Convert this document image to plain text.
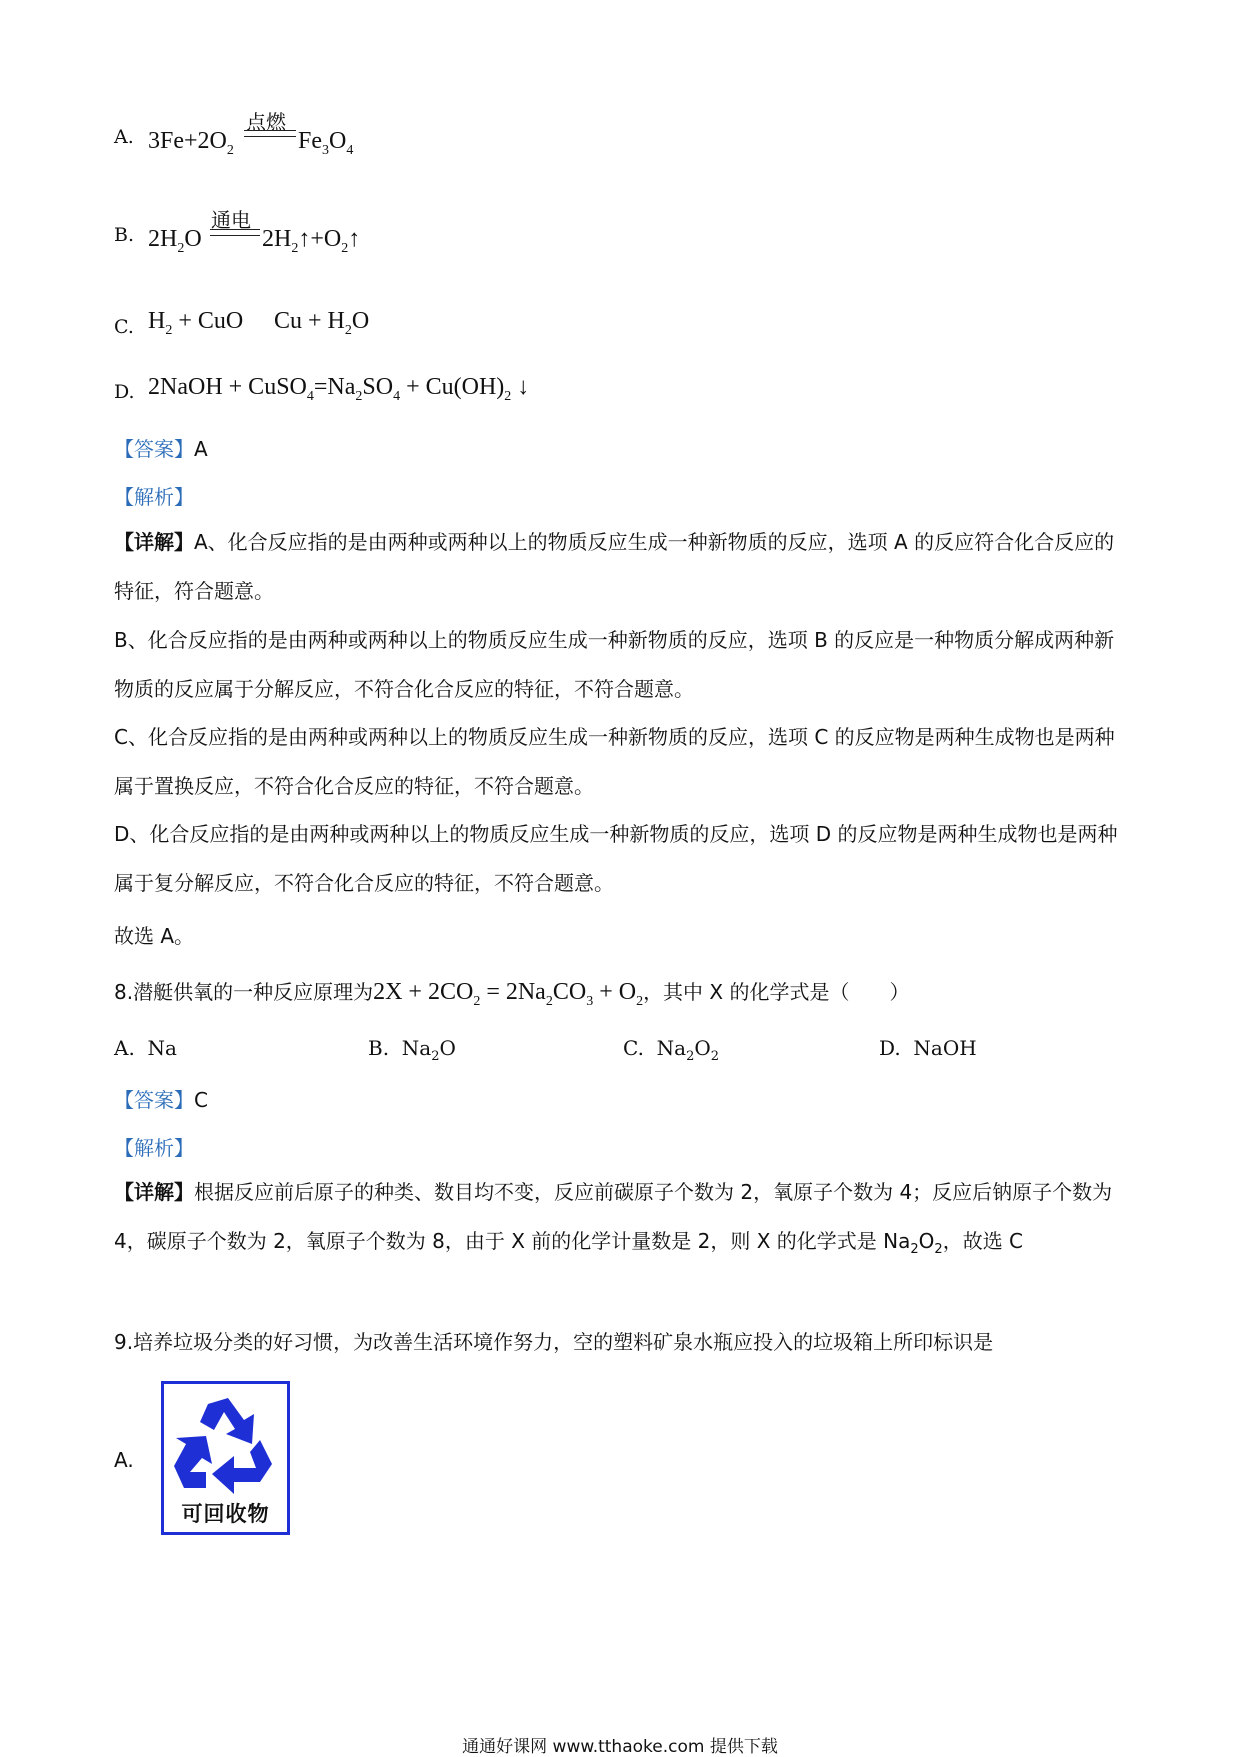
A. $3Fe+2O_2$
点燃
$Fe_3O_4$
B. $2H_2O$
通电
$2H_2↑+O_2↑$
C. $H_2$ + CuO $Cu + H_2O$
D. 2NaOH + $CuSO_4=Na_2SO_4 + Cu(OH)_2$ ↓
【答案】A
【解析】
【详解】A、化合反应指的是由两种或两种以上的物质反应生成一种新物质的反应，选项 A 的反应符合化合反应的特征，符合题意。
B、化合反应指的是由两种或两种以上的物质反应生成一种新物质的反应，选项 B 的反应是一种物质分解成两种新物质的反应属于分解反应，不符合化合反应的特征，不符合题意。
C、化合反应指的是由两种或两种以上的物质反应生成一种新物质的反应，选项 C 的反应物是两种生成物也是两种属于置换反应，不符合化合反应的特征，不符合题意。
D、化合反应指的是由两种或两种以上的物质反应生成一种新物质的反应，选项 D 的反应物是两种生成物也是两种属于复分解反应，不符合化合反应的特征，不符合题意。
故选 A。
8.潜艇供氧的一种反应原理为$2X + 2CO_2 = 2Na_2CO_3 + O_2$，其中 X 的化学式是（　　）
A. Na	B. $Na_2O$	C. $Na_2O_2$	D. NaOH
【答案】C
【解析】
【详解】根据反应前后原子的种类、数目均不变，反应前碳原子个数为 2，氧原子个数为 4；反应后钠原子个数为 4，碳原子个数为 2，氧原子个数为 8，由于 X 前的化学计量数是 2，则 X 的化学式是 $Na_2O_2$，故选 C
9.培养垃圾分类的好习惯，为改善生活环境作努力，空的塑料矿泉水瓶应投入的垃圾箱上所印标识是
A.
可回收物
通通好课网 www.tthaoke.com 提供下载
